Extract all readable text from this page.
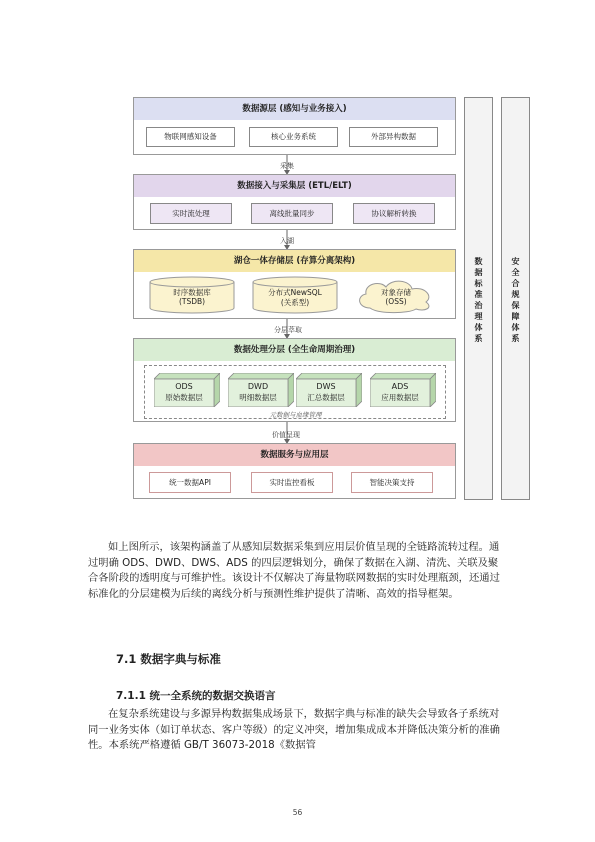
数据源层 (感知与业务接入)
物联网感知设备	核心业务系统	外部异构数据
采集
数据接入与采集层 (ETL/ELT)
实时流处理	离线批量同步	协议解析转换
入湖
湖仓一体存储层 (存算分离架构)
时序数据库
(TSDB)
分布式NewSQL
(关系型)
对象存储
(OSS)
分层萃取
数据处理分层 (全生命周期治理)
ODS
原始数据层
DWD
明细数据层
DWS
汇总数据层
ADS
应用数据层
元数据与血缘管理
价值呈现
数据服务与应用层
统一数据API	实时监控看板	智能决策支持
数据标准治理体系
安全合规保障体系
如上图所示，该架构涵盖了从感知层数据采集到应用层价值呈现的全链路流转过程。通过明确 ODS、DWD、DWS、ADS 的四层逻辑划分，确保了数据在入湖、清洗、关联及聚合各阶段的透明度与可维护性。该设计不仅解决了海量物联网数据的实时处理瓶颈，还通过标准化的分层建模为后续的离线分析与预测性维护提供了清晰、高效的指导框架。
7.1 数据字典与标准
7.1.1 统一全系统的数据交换语言
在复杂系统建设与多源异构数据集成场景下，数据字典与标准的缺失会导致各子系统对同一业务实体（如订单状态、客户等级）的定义冲突，增加集成成本并降低决策分析的准确性。本系统严格遵循 GB/T 36073-2018《数据管
56
